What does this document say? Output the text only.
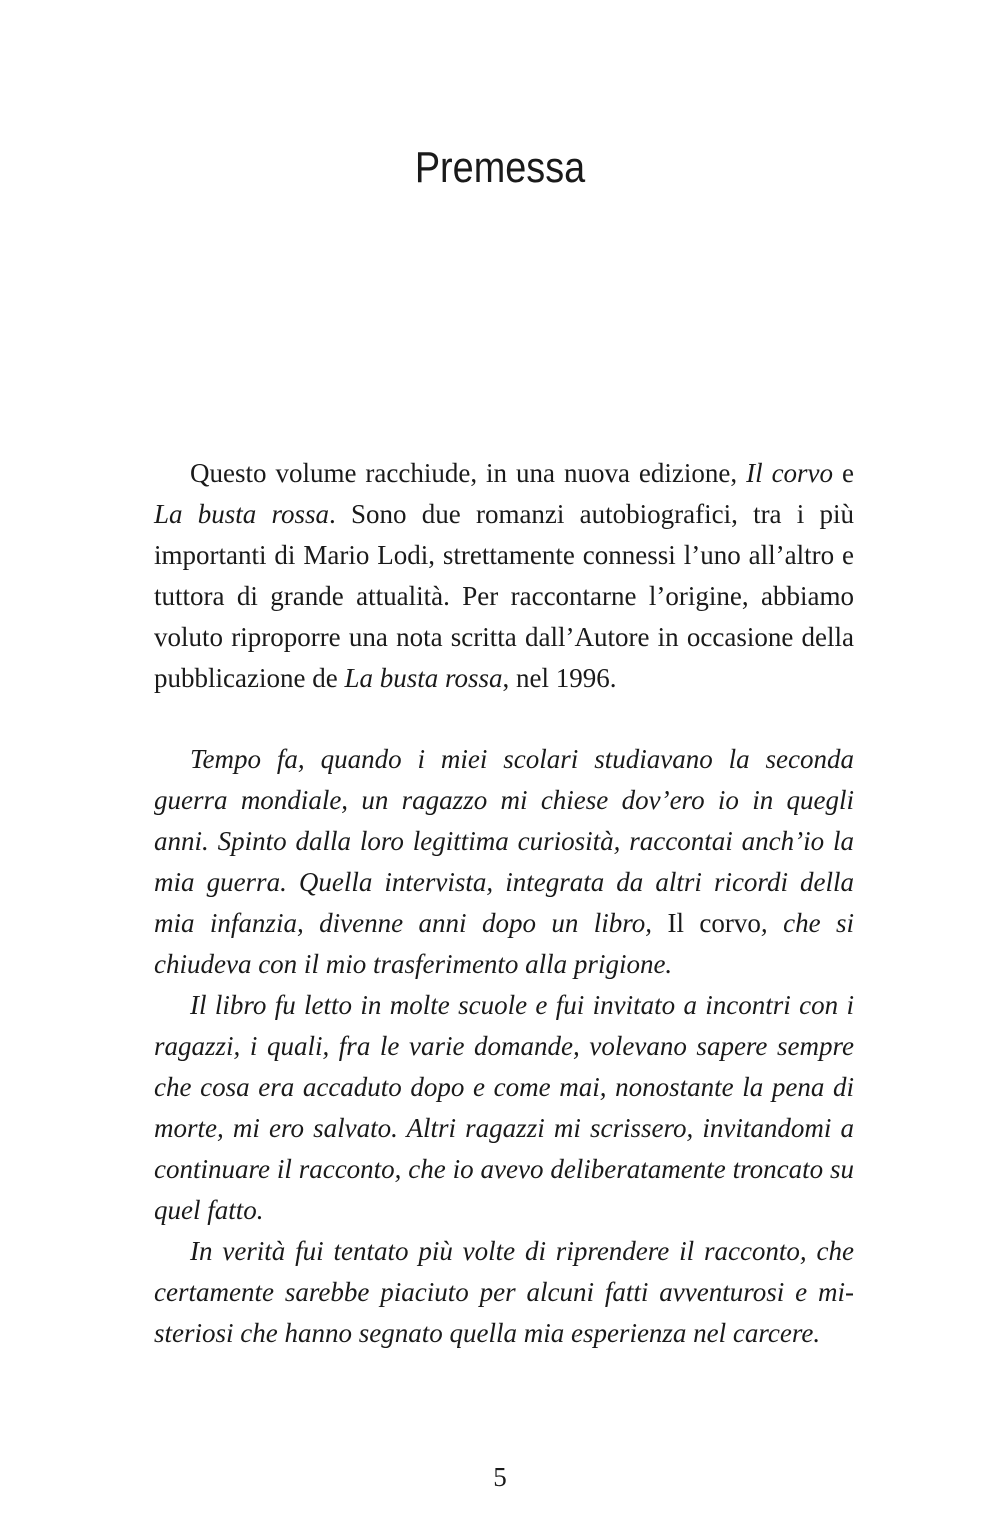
Premessa

Questo volume racchiude, in una nuova edizione, Il corvo e La busta rossa. Sono due romanzi autobiografici, tra i più importanti di Mario Lodi, strettamente connessi l’uno all’altro e tuttora di grande attualità. Per raccontarne l’origine, abbiamo voluto riproporre una nota scritta dall’Autore in occasione della pubblicazione de La busta rossa, nel 1996.

Tempo fa, quando i miei scolari studiavano la seconda guerra mondiale, un ragazzo mi chiese dov’ero io in quegli anni. Spinto dalla loro legittima curiosità, raccontai anch’io la mia guerra. Quella intervista, integrata da altri ricordi della mia infanzia, divenne anni dopo un libro, Il corvo, che si chiudeva con il mio trasferimento alla prigione.

Il libro fu letto in molte scuole e fui invitato a incontri con i ragazzi, i quali, fra le varie domande, volevano sapere sempre che cosa era accaduto dopo e come mai, nonostante la pena di morte, mi ero salvato. Altri ragazzi mi scrissero, invitandomi a continuare il racconto, che io avevo deliberatamente troncato su quel fatto.

In verità fui tentato più volte di riprendere il racconto, che certamente sarebbe piaciuto per alcuni fatti avventurosi e misteriosi che hanno segnato quella mia esperienza nel carcere.

5
